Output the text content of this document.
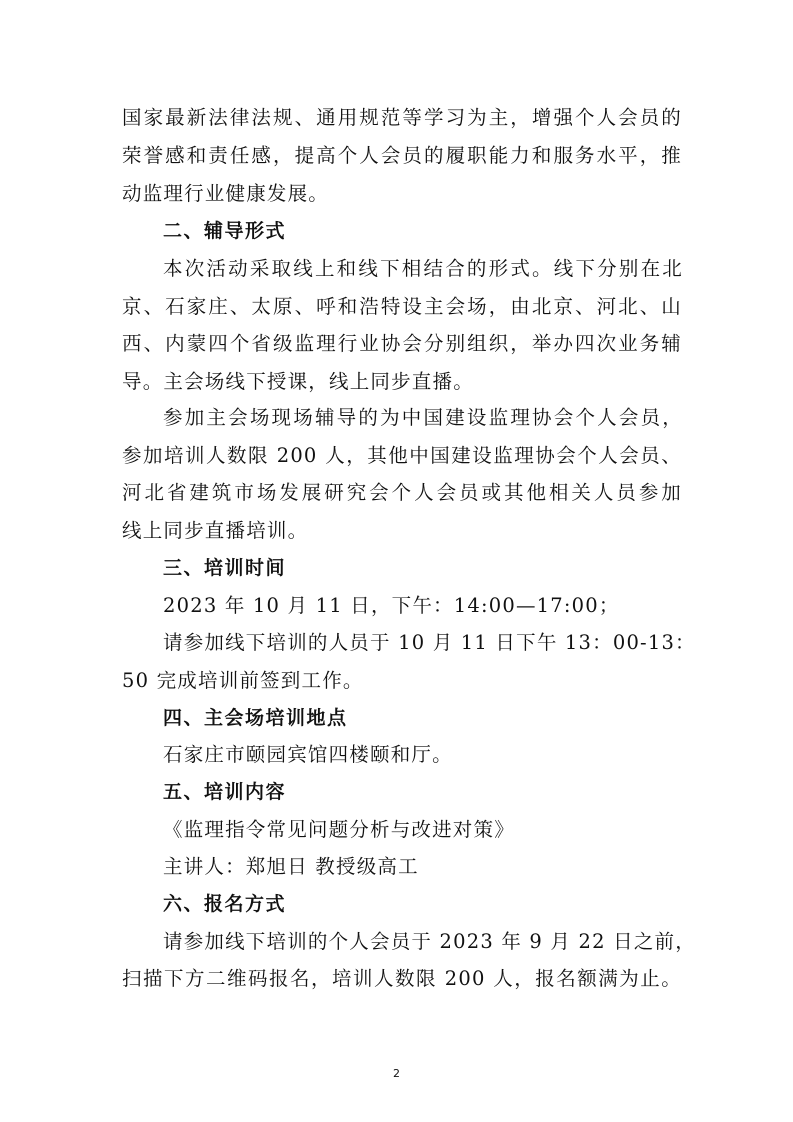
国家最新法律法规、通用规范等学习为主，增强个人会员的
荣誉感和责任感，提高个人会员的履职能力和服务水平，推
动监理行业健康发展。
二、辅导形式
本次活动采取线上和线下相结合的形式。线下分别在北
京、石家庄、太原、呼和浩特设主会场，由北京、河北、山
西、内蒙四个省级监理行业协会分别组织，举办四次业务辅
导。主会场线下授课，线上同步直播。
参加主会场现场辅导的为中国建设监理协会个人会员，
参加培训人数限 200 人，其他中国建设监理协会个人会员、
河北省建筑市场发展研究会个人会员或其他相关人员参加
线上同步直播培训。
三、培训时间
2023 年 10 月 11 日，下午：14:00—17:00；
请参加线下培训的人员于 10 月 11 日下午 13：00-13：
50 完成培训前签到工作。
四、主会场培训地点
石家庄市颐园宾馆四楼颐和厅。
五、培训内容
《监理指令常见问题分析与改进对策》
主讲人：郑旭日 教授级高工
六、报名方式
请参加线下培训的个人会员于 2023 年 9 月 22 日之前，
扫描下方二维码报名，培训人数限 200 人，报名额满为止。
2
